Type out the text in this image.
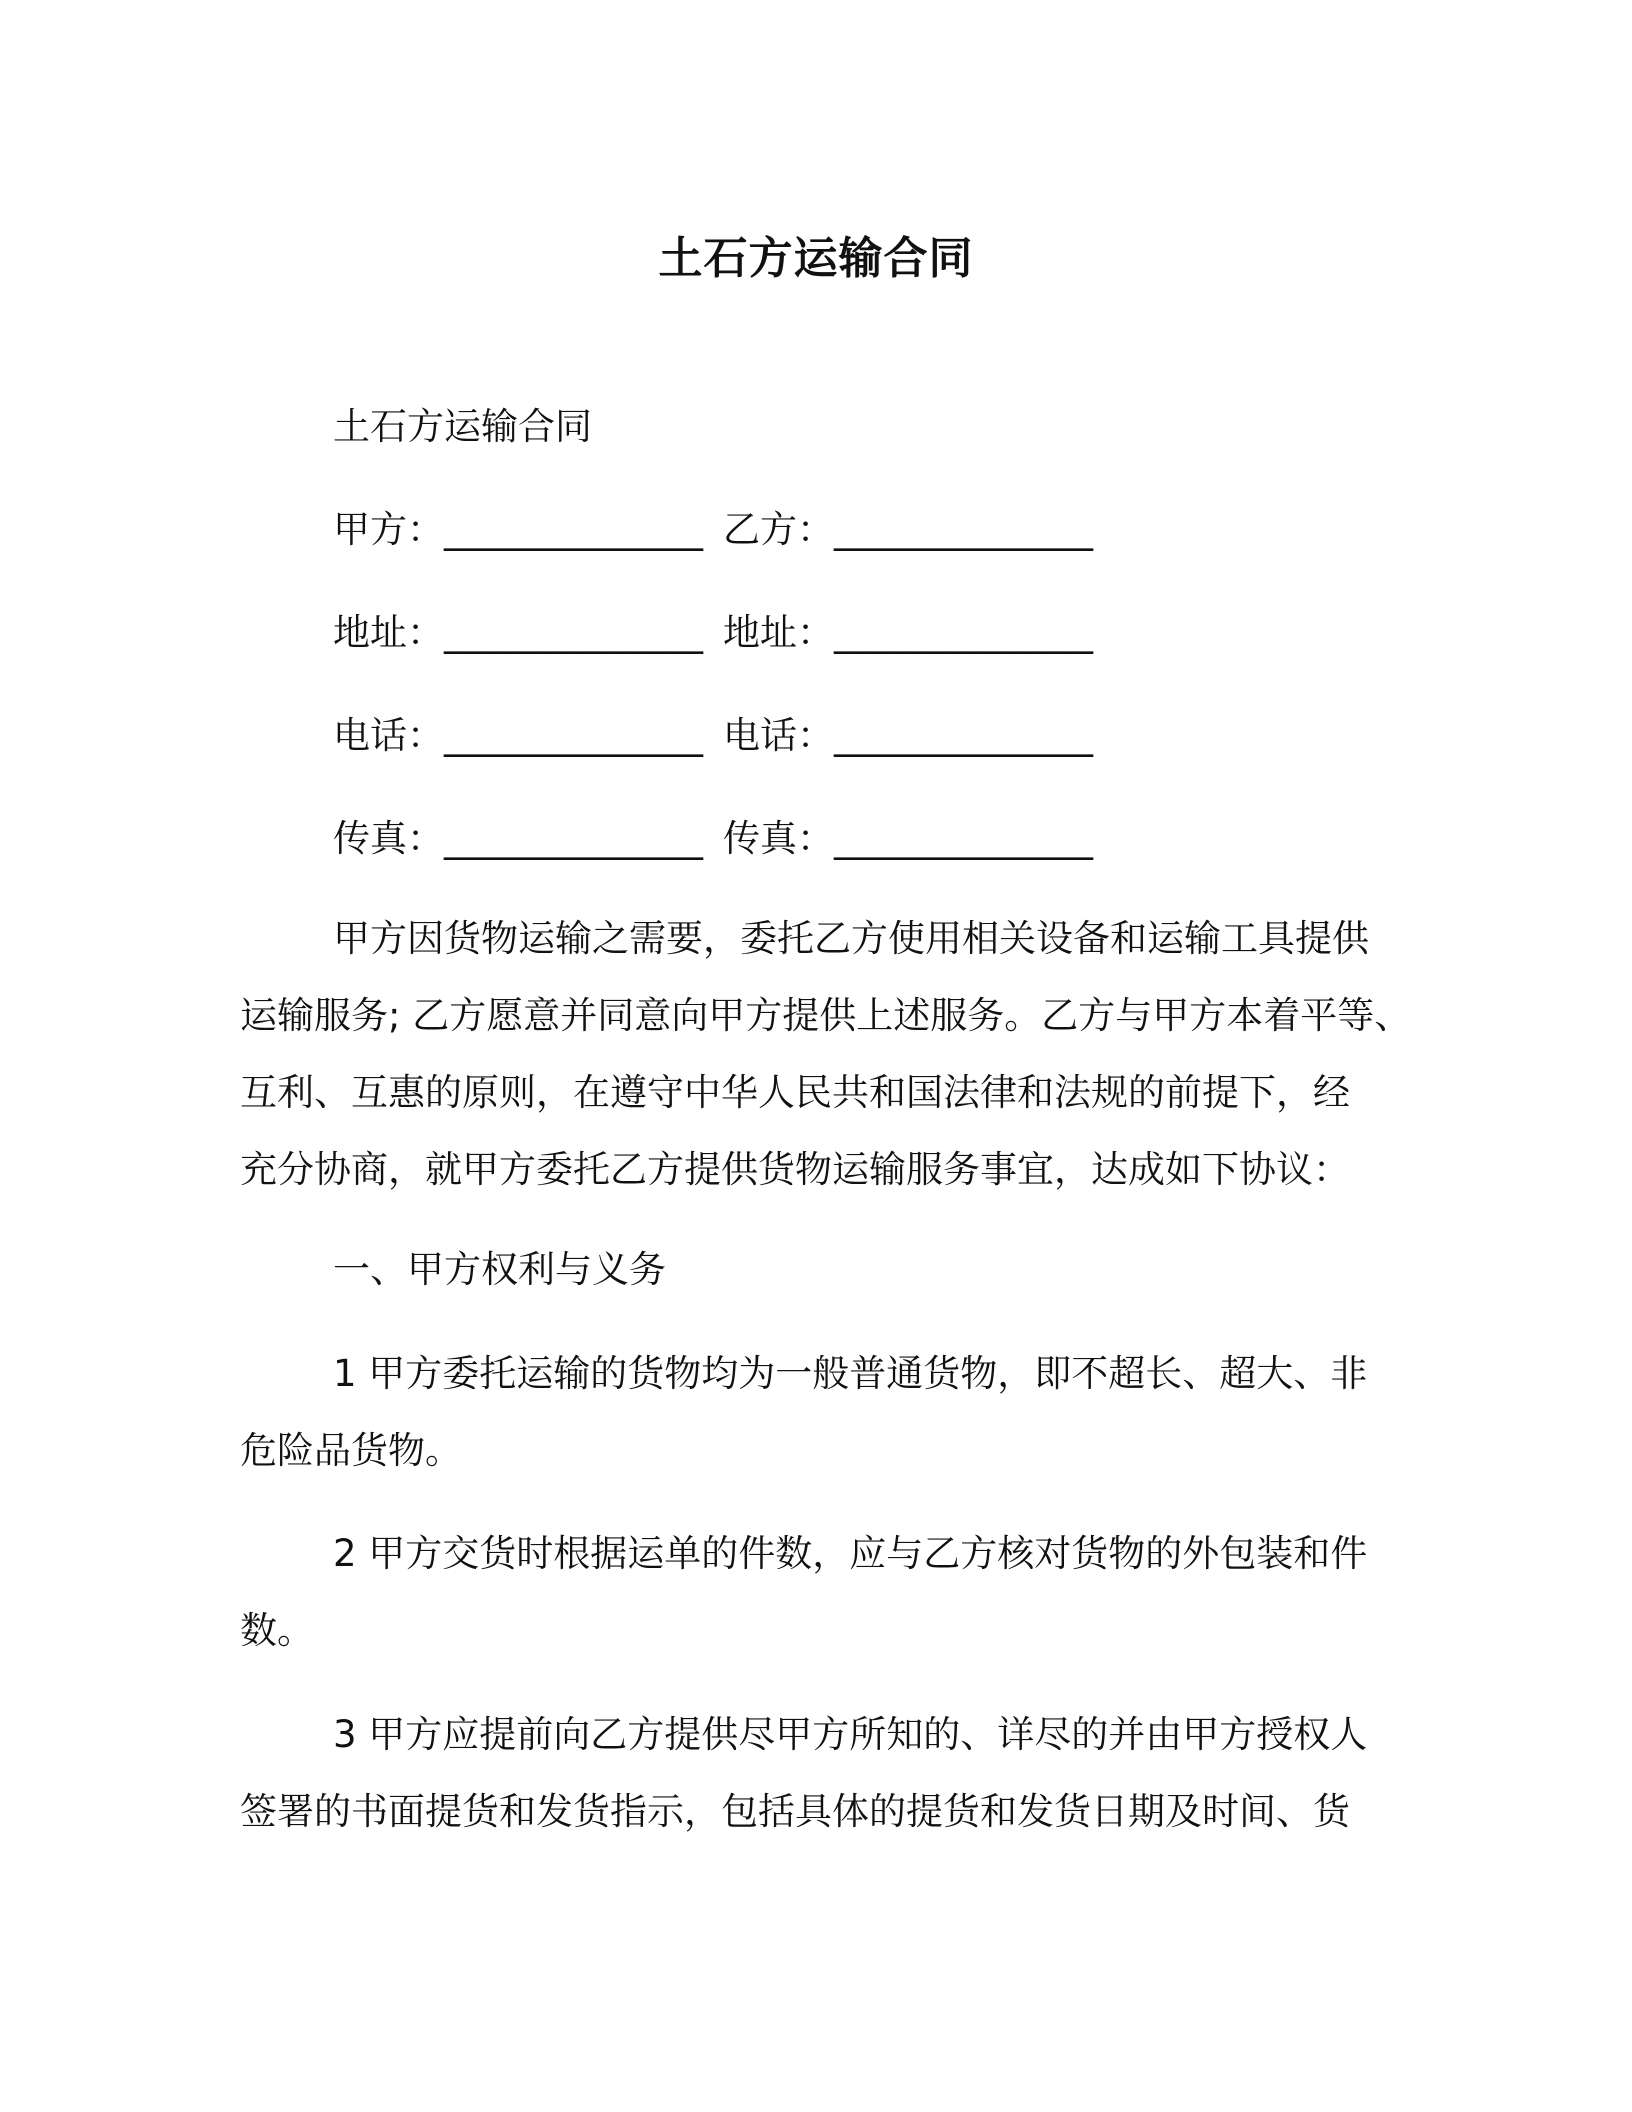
土石方运输合同
土石方运输合同
甲方：______________ 乙方：______________
地址：______________ 地址：______________
电话：______________ 电话：______________
传真：______________ 传真：______________
甲方因货物运输之需要，委托乙方使用相关设备和运输工具提供
运输服务; 乙方愿意并同意向甲方提供上述服务。乙方与甲方本着平等、
互利、互惠的原则，在遵守中华人民共和国法律和法规的前提下，经
充分协商，就甲方委托乙方提供货物运输服务事宜，达成如下协议：
一、甲方权利与义务
1 甲方委托运输的货物均为一般普通货物，即不超长、超大、非
危险品货物。
2 甲方交货时根据运单的件数，应与乙方核对货物的外包装和件
数。
3 甲方应提前向乙方提供尽甲方所知的、详尽的并由甲方授权人
签署的书面提货和发货指示，包括具体的提货和发货日期及时间、货
